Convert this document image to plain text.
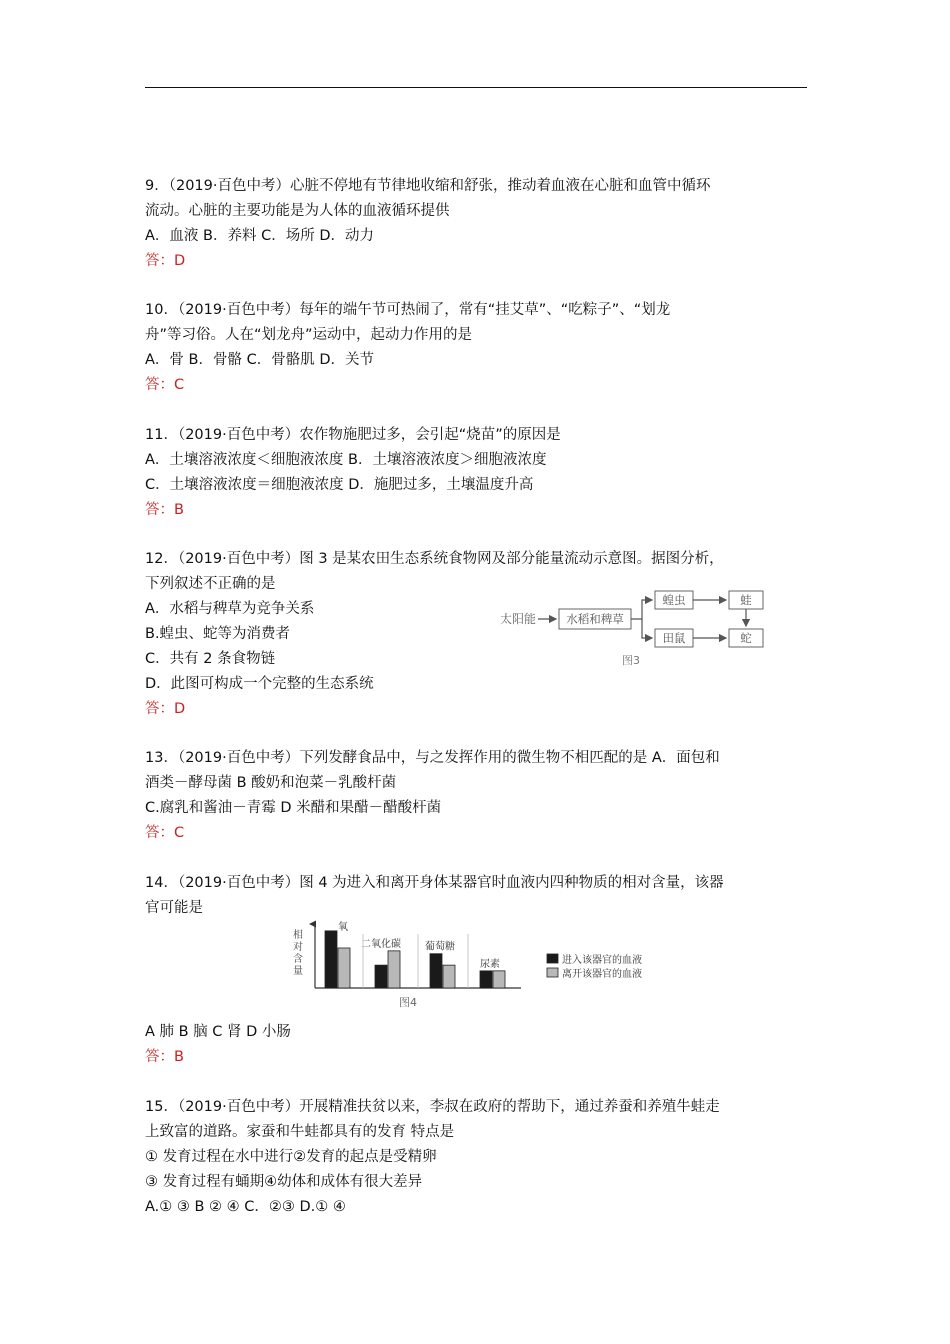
9．（2019·百色中考）心脏不停地有节律地收缩和舒张，推动着血液在心脏和血管中循环
流动。心脏的主要功能是为人体的血液循环提供
A．血液 B．养料 C．场所 D．动力
答：D
10．（2019·百色中考）每年的端午节可热闹了，常有“挂艾草”、“吃粽子”、“划龙
舟”等习俗。人在“划龙舟”运动中，起动力作用的是
A．骨 B．骨骼 C．骨骼肌 D．关节
答：C
11．（2019·百色中考）农作物施肥过多，会引起“烧苗”的原因是
A．土壤溶液浓度＜细胞液浓度 B．土壤溶液浓度＞细胞液浓度
C．土壤溶液浓度＝细胞液浓度 D．施肥过多，土壤温度升高
答：B
12．（2019·百色中考）图 3 是某农田生态系统食物网及部分能量流动示意图。据图分析，
下列叙述不正确的是
A．水稻与稗草为竞争关系
B.蝗虫、蛇等为消费者
C．共有 2 条食物链
D．此图可构成一个完整的生态系统
答：D
太阳能	水稻和稗草
蝗虫
田鼠
蛙
蛇
图3
13．（2019·百色中考）下列发酵食品中，与之发挥作用的微生物不相匹配的是 A．面包和
酒类－酵母菌 B 酸奶和泡菜－乳酸杆菌
C.腐乳和酱油－青霉 D 米醋和果醋－醋酸杆菌
答：C
14．（2019·百色中考）图 4 为进入和离开身体某器官时血液内四种物质的相对含量，该器
官可能是
相对含量
氧
二氧化碳 葡萄糖
尿素	进入该器官的血液
离开该器官的血液
图4
A 肺 B 脑 C 肾 D 小肠
答：B
15．（2019·百色中考）开展精准扶贫以来，李叔在政府的帮助下，通过养蚕和养殖牛蛙走
上致富的道路。家蚕和牛蛙都具有的发育 特点是
① 发育过程在水中进行②发育的起点是受精卵
③ 发育过程有蛹期④幼体和成体有很大差异
A.① ③ B ② ④ C．②③ D.① ④
